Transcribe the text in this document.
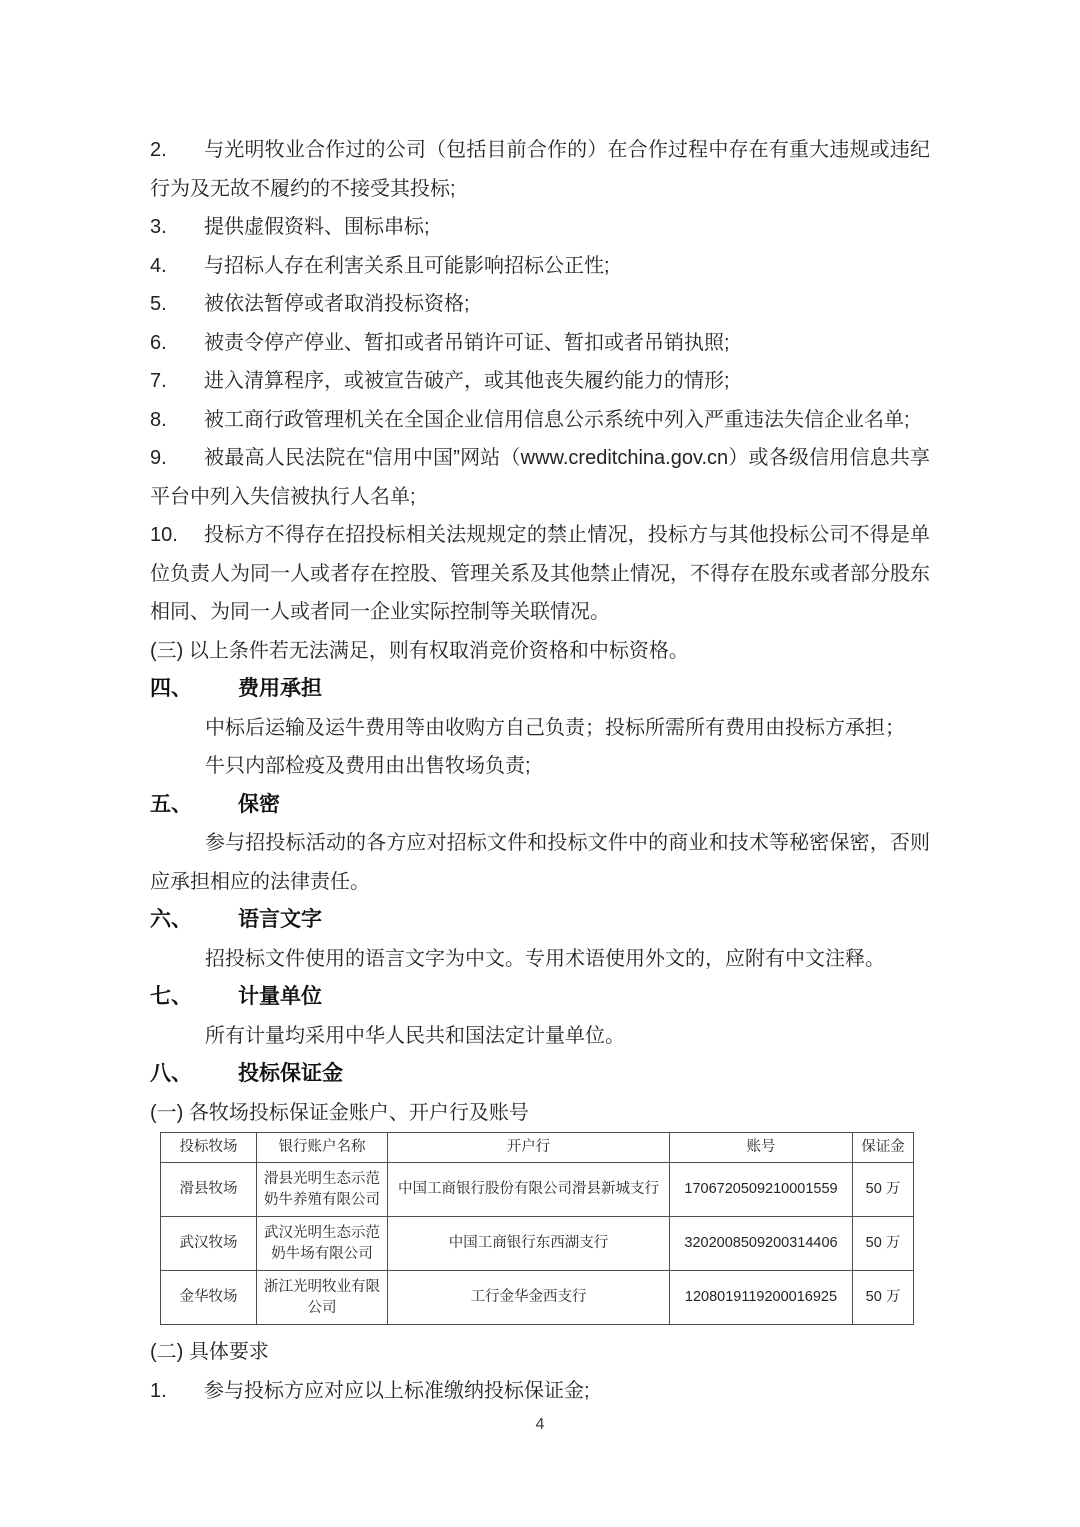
2. 与光明牧业合作过的公司（包括目前合作的）在合作过程中存在有重大违规或违纪行为及无故不履约的不接受其投标;

3. 提供虚假资料、围标串标;

4. 与招标人存在利害关系且可能影响招标公正性;

5. 被依法暂停或者取消投标资格;

6. 被责令停产停业、暂扣或者吊销许可证、暂扣或者吊销执照;

7. 进入清算程序，或被宣告破产，或其他丧失履约能力的情形;

8. 被工商行政管理机关在全国企业信用信息公示系统中列入严重违法失信企业名单;

9. 被最高人民法院在“信用中国”网站（www.creditchina.gov.cn）或各级信用信息共享平台中列入失信被执行人名单;

10. 投标方不得存在招投标相关法规规定的禁止情况，投标方与其他投标公司不得是单位负责人为同一人或者存在控股、管理关系及其他禁止情况，不得存在股东或者部分股东相同、为同一人或者同一企业实际控制等关联情况。

(三) 以上条件若无法满足，则有权取消竞价资格和中标资格。

四、 费用承担

中标后运输及运牛费用等由收购方自己负责；投标所需所有费用由投标方承担；

牛只内部检疫及费用由出售牧场负责;

五、 保密

参与招投标活动的各方应对招标文件和投标文件中的商业和技术等秘密保密，否则应承担相应的法律责任。

六、 语言文字

招投标文件使用的语言文字为中文。专用术语使用外文的，应附有中文注释。

七、 计量单位

所有计量均采用中华人民共和国法定计量单位。

八、 投标保证金

(一) 各牧场投标保证金账户、开户行及账号

投标牧场	银行账户名称	开户行	账号	保证金
滑县牧场	滑县光明生态示范奶牛养殖有限公司	中国工商银行股份有限公司滑县新城支行	1706720509210001559	50 万
武汉牧场	武汉光明生态示范奶牛场有限公司	中国工商银行东西湖支行	3202008509200314406	50 万
金华牧场	浙江光明牧业有限公司	工行金华金西支行	1208019119200016925	50 万

(二) 具体要求

1. 参与投标方应对应以上标准缴纳投标保证金;

4
